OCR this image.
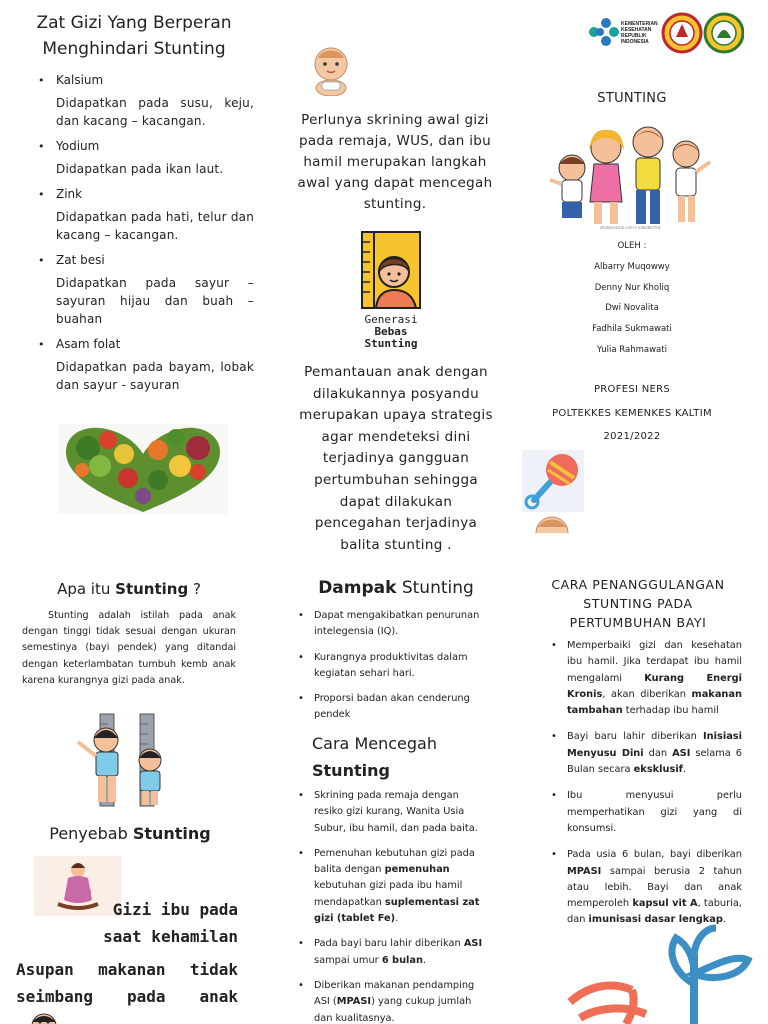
Zat Gizi Yang Berperan Menghindari Stunting
• Kalsium
Didapatkan pada susu, keju, dan kacang – kacangan.
• Yodium
Didapatkan pada ikan laut.
• Zink
Didapatkan pada hati, telur dan kacang – kacangan.
• Zat besi
Didapatkan pada sayur – sayuran hijau dan buah – buahan
• Asam folat
Didapatkan pada bayam, lobak dan sayur - sayuran
Perlunya skrining awal gizi pada remaja, WUS, dan ibu hamil merupakan langkah awal yang dapat mencegah stunting.
Generasi
Bebas
Stunting
Pemantauan anak dengan dilakukannya posyandu merupakan upaya strategis agar mendeteksi dini terjadinya gangguan pertumbuhan sehingga dapat dilakukan pencegahan terjadinya balita stunting .
KEMENTERIAN
KESEHATAN
REPUBLIK
INDONESIA
STUNTING
shutterstock.com • 136265763
OLEH :
Albarry Muqowwy
Denny Nur Kholiq
Dwi Novalita
Fadhila Sukmawati
Yulia Rahmawati
PROFESI NERS
POLTEKKES KEMENKES KALTIM
2021/2022
Apa itu Stunting ?
Stunting adalah istilah pada anak dengan tinggi tidak sesuai dengan ukuran semestinya (bayi pendek) yang ditandai dengan keterlambatan tumbuh kemb anak karena kurangnya gizi pada anak.
Penyebab Stunting
Gizi ibu pada
saat kehamilan
Asupan makanan tidak
seimbang pada anak
Dampak Stunting
• Dapat mengakibatkan penurunan intelegensia (IQ).
• Kurangnya produktivitas dalam kegiatan sehari hari.
• Proporsi badan akan cenderung pendek
Cara Mencegah
Stunting
• Skrining pada remaja dengan resiko gizi kurang, Wanita Usia Subur, ibu hamil, dan pada baita.
• Pemenuhan kebutuhan gizi pada balita dengan pemenuhan kebutuhan gizi pada ibu hamil mendapatkan suplementasi zat gizi (tablet Fe).
• Pada bayi baru lahir diberikan ASI sampai umur 6 bulan.
• Diberikan makanan pendamping ASI (MPASI) yang cukup jumlah dan kualitasnya.
CARA PENANGGULANGAN
STUNTING PADA
PERTUMBUHAN BAYI
• Memperbaiki gizi dan kesehatan ibu hamil. Jika terdapat ibu hamil mengalami Kurang Energi Kronis, akan diberikan makanan tambahan terhadap ibu hamil
• Bayi baru lahir diberikan Inisiasi Menyusu Dini dan ASI selama 6 Bulan secara eksklusif.
• Ibu menyusui perlu memperhatikan gizi yang di konsumsi.
• Pada usia 6 bulan, bayi diberikan MPASI sampai berusia 2 tahun atau lebih. Bayi dan anak memperoleh kapsul vit A, taburia, dan imunisasi dasar lengkap.
